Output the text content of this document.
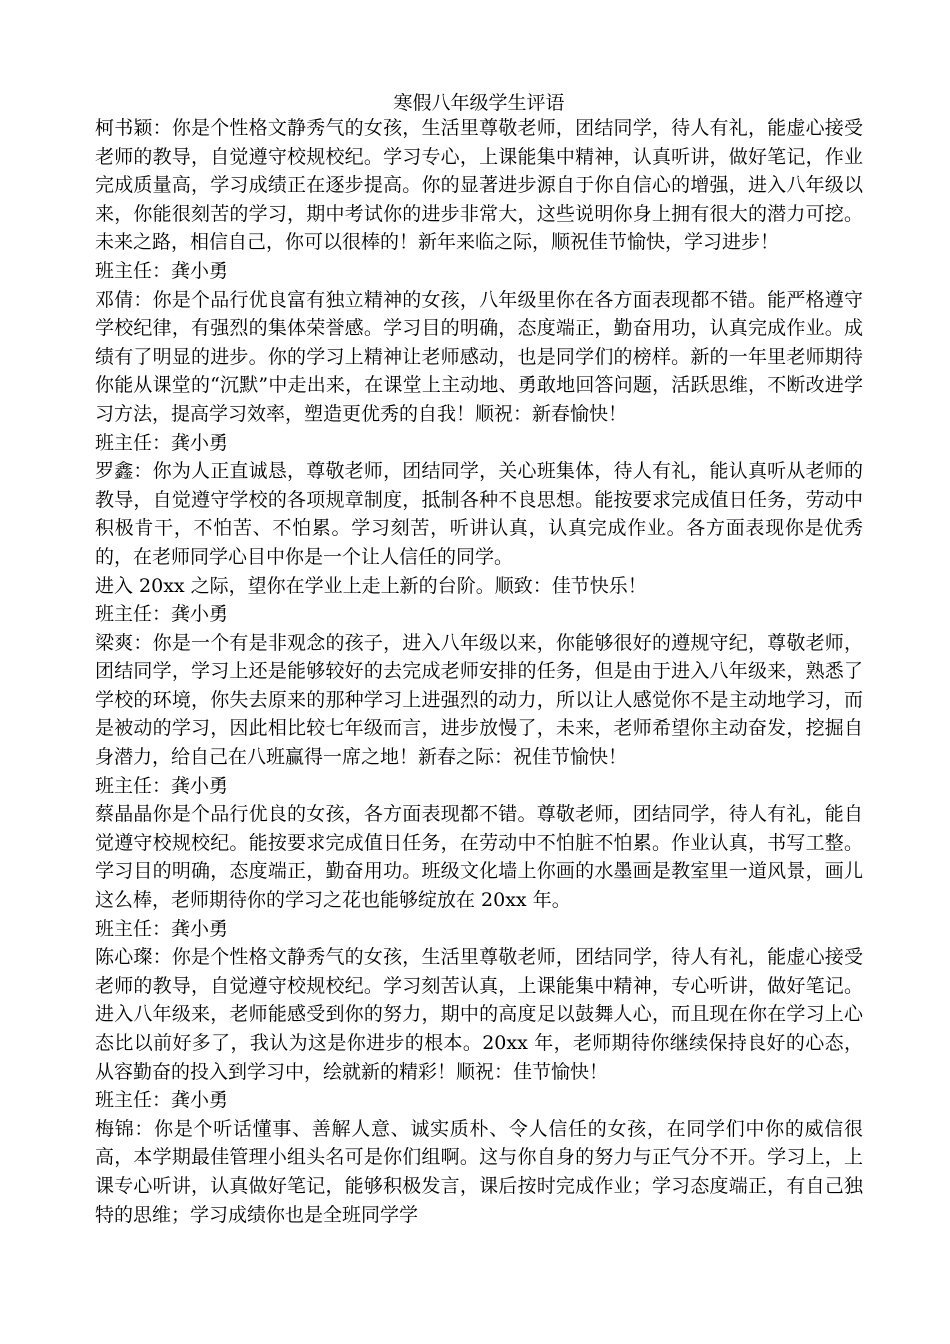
寒假八年级学生评语

柯书颖：你是个性格文静秀气的女孩，生活里尊敬老师，团结同学，待人有礼，能虚心接受老师的教导，自觉遵守校规校纪。学习专心，上课能集中精神，认真听讲，做好笔记，作业完成质量高，学习成绩正在逐步提高。你的显著进步源自于你自信心的增强，进入八年级以来，你能很刻苦的学习，期中考试你的进步非常大，这些说明你身上拥有很大的潜力可挖。未来之路，相信自己，你可以很棒的！新年来临之际，顺祝佳节愉快，学习进步！

班主任：龚小勇

邓倩：你是个品行优良富有独立精神的女孩，八年级里你在各方面表现都不错。能严格遵守学校纪律，有强烈的集体荣誉感。学习目的明确，态度端正，勤奋用功，认真完成作业。成绩有了明显的进步。你的学习上精神让老师感动，也是同学们的榜样。新的一年里老师期待你能从课堂的“沉默”中走出来，在课堂上主动地、勇敢地回答问题，活跃思维，不断改进学习方法，提高学习效率，塑造更优秀的自我！顺祝：新春愉快！

班主任：龚小勇

罗鑫：你为人正直诚恳，尊敬老师，团结同学，关心班集体，待人有礼，能认真听从老师的教导，自觉遵守学校的各项规章制度，抵制各种不良思想。能按要求完成值日任务，劳动中积极肯干，不怕苦、不怕累。学习刻苦，听讲认真，认真完成作业。各方面表现你是优秀的，在老师同学心目中你是一个让人信任的同学。

进入 20xx 之际，望你在学业上走上新的台阶。顺致：佳节快乐！

班主任：龚小勇

梁爽：你是一个有是非观念的孩子，进入八年级以来，你能够很好的遵规守纪，尊敬老师，团结同学，学习上还是能够较好的去完成老师安排的任务，但是由于进入八年级来，熟悉了学校的环境，你失去原来的那种学习上进强烈的动力，所以让人感觉你不是主动地学习，而是被动的学习，因此相比较七年级而言，进步放慢了，未来，老师希望你主动奋发，挖掘自身潜力，给自己在八班赢得一席之地！新春之际：祝佳节愉快！

班主任：龚小勇

蔡晶晶你是个品行优良的女孩，各方面表现都不错。尊敬老师，团结同学，待人有礼，能自觉遵守校规校纪。能按要求完成值日任务，在劳动中不怕脏不怕累。作业认真，书写工整。学习目的明确，态度端正，勤奋用功。班级文化墙上你画的水墨画是教室里一道风景，画儿这么棒，老师期待你的学习之花也能够绽放在 20xx 年。

班主任：龚小勇

陈心璨：你是个性格文静秀气的女孩，生活里尊敬老师，团结同学，待人有礼，能虚心接受老师的教导，自觉遵守校规校纪。学习刻苦认真，上课能集中精神，专心听讲，做好笔记。进入八年级来，老师能感受到你的努力，期中的高度足以鼓舞人心，而且现在你在学习上心态比以前好多了，我认为这是你进步的根本。20xx 年，老师期待你继续保持良好的心态，从容勤奋的投入到学习中，绘就新的精彩！顺祝：佳节愉快！

班主任：龚小勇

梅锦：你是个听话懂事、善解人意、诚实质朴、令人信任的女孩，在同学们中你的威信很高，本学期最佳管理小组头名可是你们组啊。这与你自身的努力与正气分不开。学习上，上课专心听讲，认真做好笔记，能够积极发言，课后按时完成作业；学习态度端正，有自己独特的思维；学习成绩你也是全班同学学
